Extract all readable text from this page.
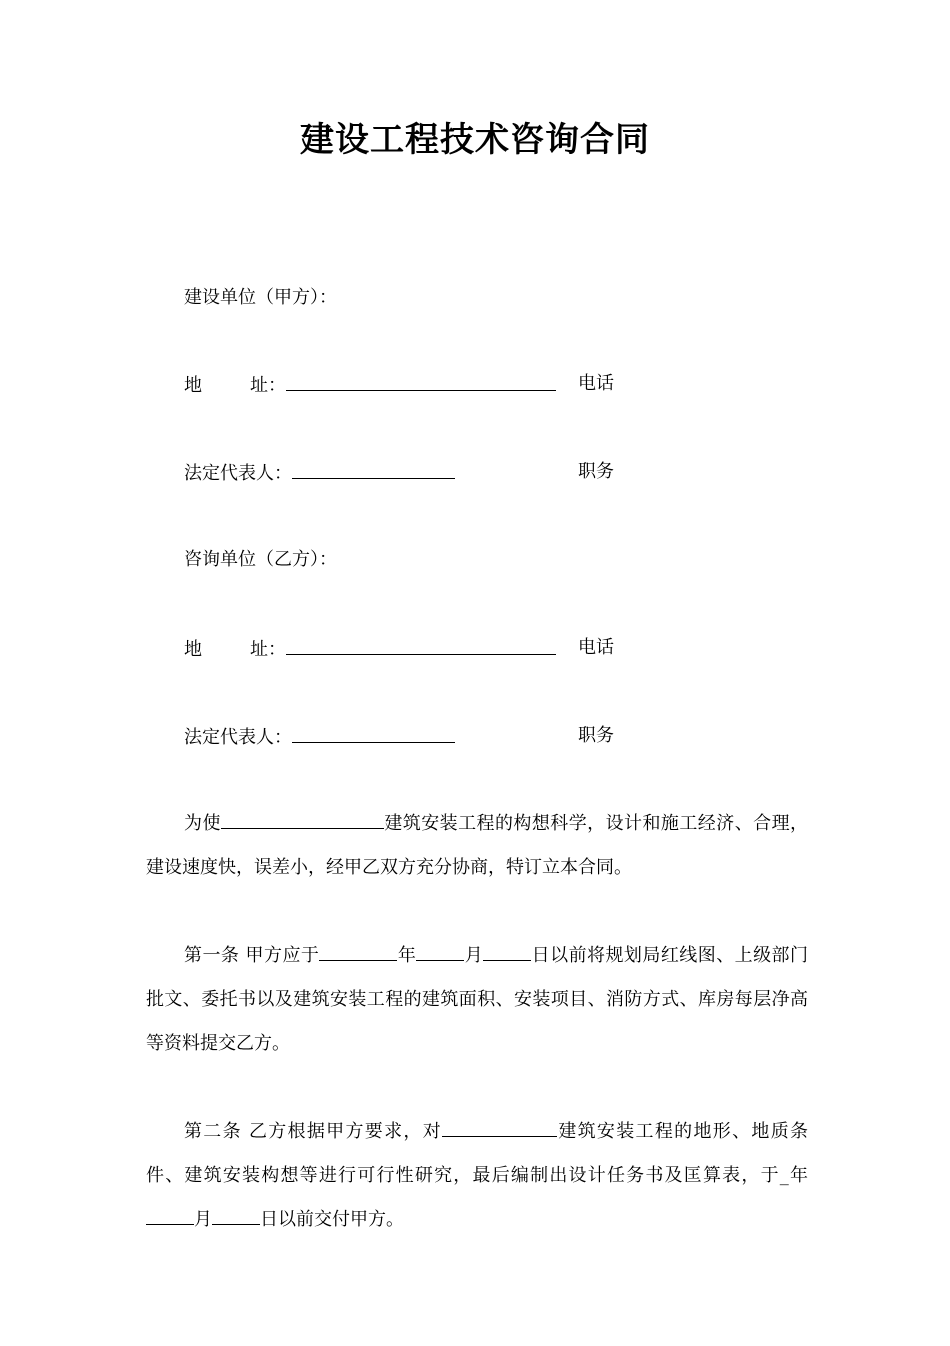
建设工程技术咨询合同
建设单位（甲方）：
地	址：	电话
法定代表人：	职务
咨询单位（乙方）：
地	址：	电话
法定代表人：	职务
为使	建筑安装工程的构想科学，设计和施工经济、合理，建设速度快，误差小，经甲乙双方充分协商，特订立本合同。
第一条 甲方应于	年	月	日以前将规划局红线图、上级部门批文、委托书以及建筑安装工程的建筑面积、安装项目、消防方式、库房每层净高等资料提交乙方。
第二条 乙方根据甲方要求，对	建筑安装工程的地形、地质条件、建筑安装构想等进行可行性研究，最后编制出设计任务书及匡算表，于_年月	日以前交付甲方。
